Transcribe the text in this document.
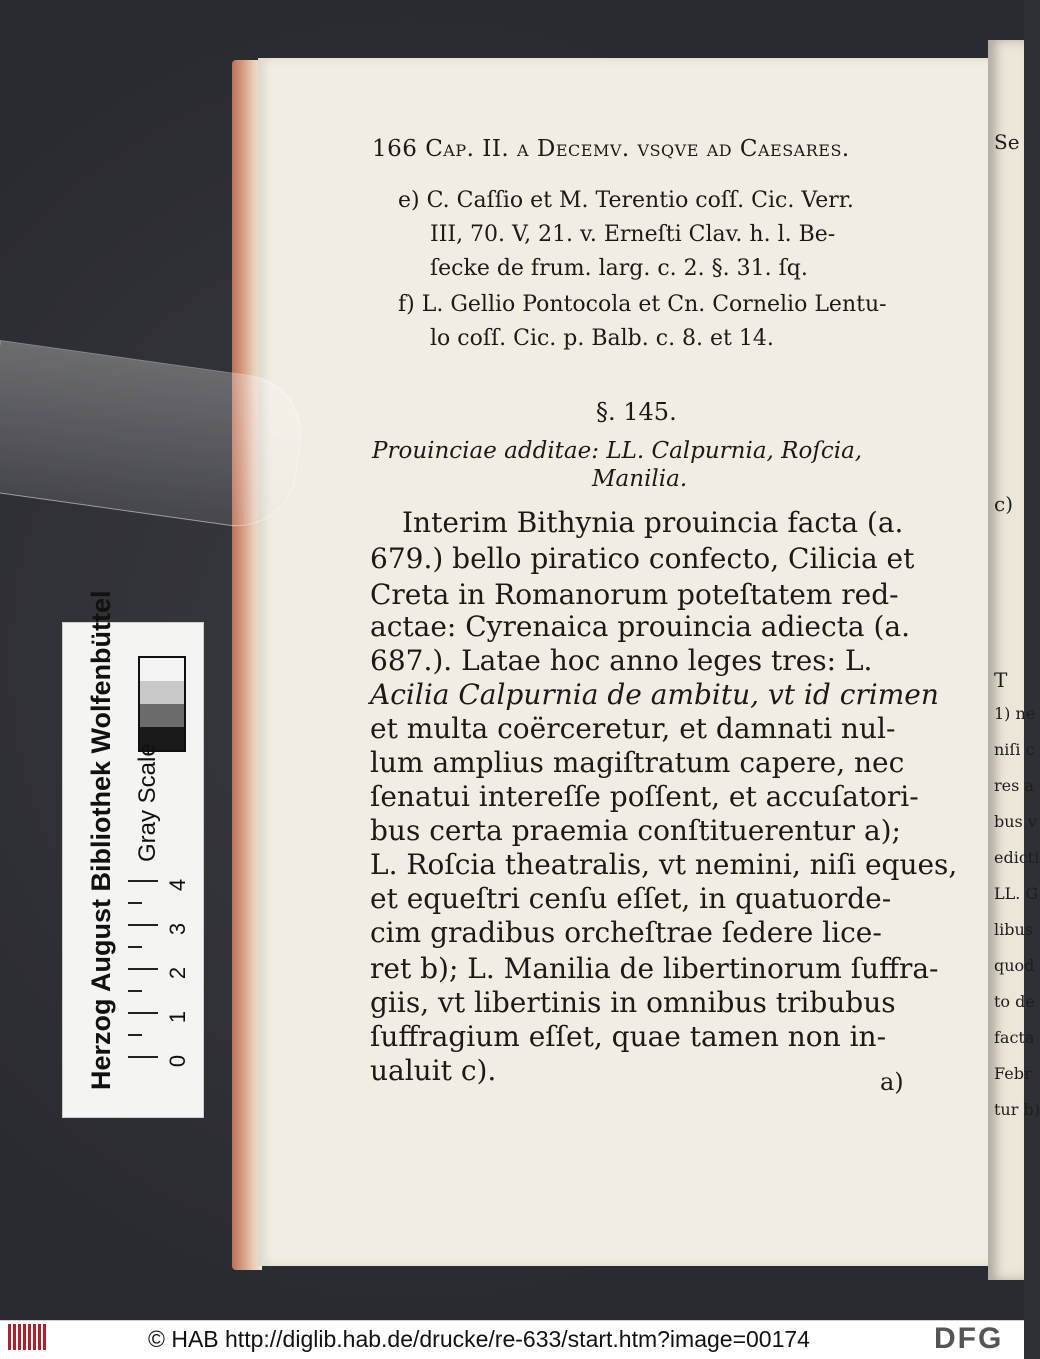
Se
c)
T
1) ne
niſi c
res a
bus v
edicti
LL. G
libus
quod
to de
facta
Febr
tur b)
166 Cap. II. a Decemv. vsqve ad Caesares.
e) C. Caſſio et M. Terentio coſſ. Cic. Verr.
III, 70. V, 21. v. Erneſti Clav. h. l. Be-
ſecke de frum. larg. c. 2. §. 31. ſq.
f) L. Gellio Pontocola et Cn. Cornelio Lentu-
lo coſſ. Cic. p. Balb. c. 8. et 14.
§. 145.
Prouinciae additae: LL. Calpurnia, Roſcia,
Manilia.
Interim Bithynia prouincia facta (a.
679.) bello piratico confecto, Cilicia et
Creta in Romanorum poteſtatem red-
actae: Cyrenaica prouincia adiecta (a.
687.). Latae hoc anno leges tres: L.
Acilia Calpurnia de ambitu, vt id crimen
et multa coërceretur, et damnati nul-
lum amplius magiſtratum capere, nec
ſenatui intereſſe poſſent, et accuſatori-
bus certa praemia conſtituerentur a);
L. Roſcia theatralis, vt nemini, niſi eques,
et equeſtri cenſu eſſet, in quatuorde-
cim gradibus orcheſtrae ſedere lice-
ret b); L. Manilia de libertinorum ſuffra-
giis, vt libertinis in omnibus tribubus
ſuffragium eſſet, quae tamen non in-
ualuit c).	a)
Herzog August Bibliothek Wolfenbüttel Gray Scale
4
3
2
1
0
© HAB http://diglib.hab.de/drucke/re-633/start.htm?image=00174	DFG
